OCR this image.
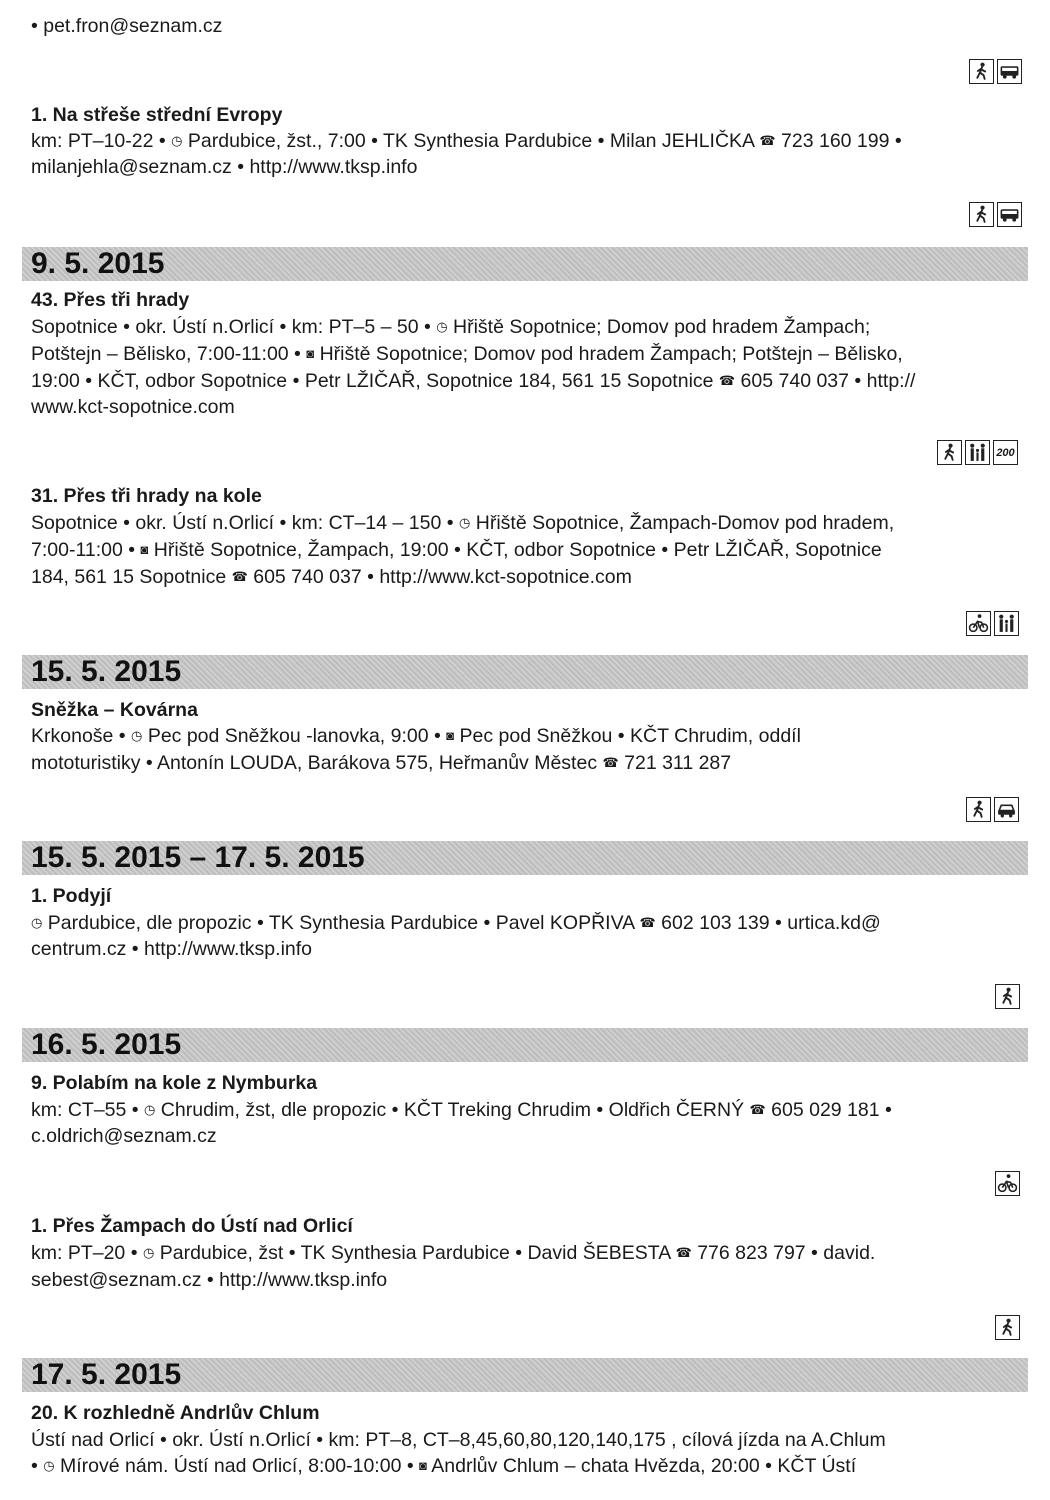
• pet.fron@seznam.cz
1. Na střeše střední Evropy
km: PT–10-22 • ◷ Pardubice, žst., 7:00 • TK Synthesia Pardubice • Milan JEHLIČKA ☎ 723 160 199 •
milanjehla@seznam.cz • http://www.tksp.info
9. 5. 2015
43. Přes tři hrady
Sopotnice • okr. Ústí n.Orlicí • km: PT–5 – 50 • ◷ Hřiště Sopotnice; Domov pod hradem Žampach;
Potštejn – Bělisko, 7:00-11:00 • ◙ Hřiště Sopotnice; Domov pod hradem Žampach; Potštejn – Bělisko,
19:00 • KČT, odbor Sopotnice • Petr LŽIČAŘ, Sopotnice 184, 561 15 Sopotnice ☎ 605 740 037 • http://
www.kct-sopotnice.com
200
31. Přes tři hrady na kole
Sopotnice • okr. Ústí n.Orlicí • km: CT–14 – 150 • ◷ Hřiště Sopotnice, Žampach-Domov pod hradem,
7:00-11:00 • ◙ Hřiště Sopotnice, Žampach, 19:00 • KČT, odbor Sopotnice • Petr LŽIČAŘ, Sopotnice
184, 561 15 Sopotnice ☎ 605 740 037 • http://www.kct-sopotnice.com
15. 5. 2015
Sněžka – Kovárna
Krkonoše • ◷ Pec pod Sněžkou -lanovka, 9:00 • ◙ Pec pod Sněžkou • KČT Chrudim, oddíl
mototuristiky • Antonín LOUDA, Barákova 575, Heřmanův Městec ☎ 721 311 287
15. 5. 2015 – 17. 5. 2015
1. Podyjí
◷ Pardubice, dle propozic • TK Synthesia Pardubice • Pavel KOPŘIVA ☎ 602 103 139 • urtica.kd@
centrum.cz • http://www.tksp.info
16. 5. 2015
9. Polabím na kole z Nymburka
km: CT–55 • ◷ Chrudim, žst, dle propozic • KČT Treking Chrudim • Oldřich ČERNÝ ☎ 605 029 181 •
c.oldrich@seznam.cz
1. Přes Žampach do Ústí nad Orlicí
km: PT–20 • ◷ Pardubice, žst • TK Synthesia Pardubice • David ŠEBESTA ☎ 776 823 797 • david.
sebest@seznam.cz • http://www.tksp.info
17. 5. 2015
20. K rozhledně Andrlův Chlum
Ústí nad Orlicí • okr. Ústí n.Orlicí • km: PT–8, CT–8,45,60,80,120,140,175 , cílová jízda na A.Chlum
• ◷ Mírové nám. Ústí nad Orlicí, 8:00-10:00 • ◙ Andrlův Chlum – chata Hvězda, 20:00 • KČT Ústí
